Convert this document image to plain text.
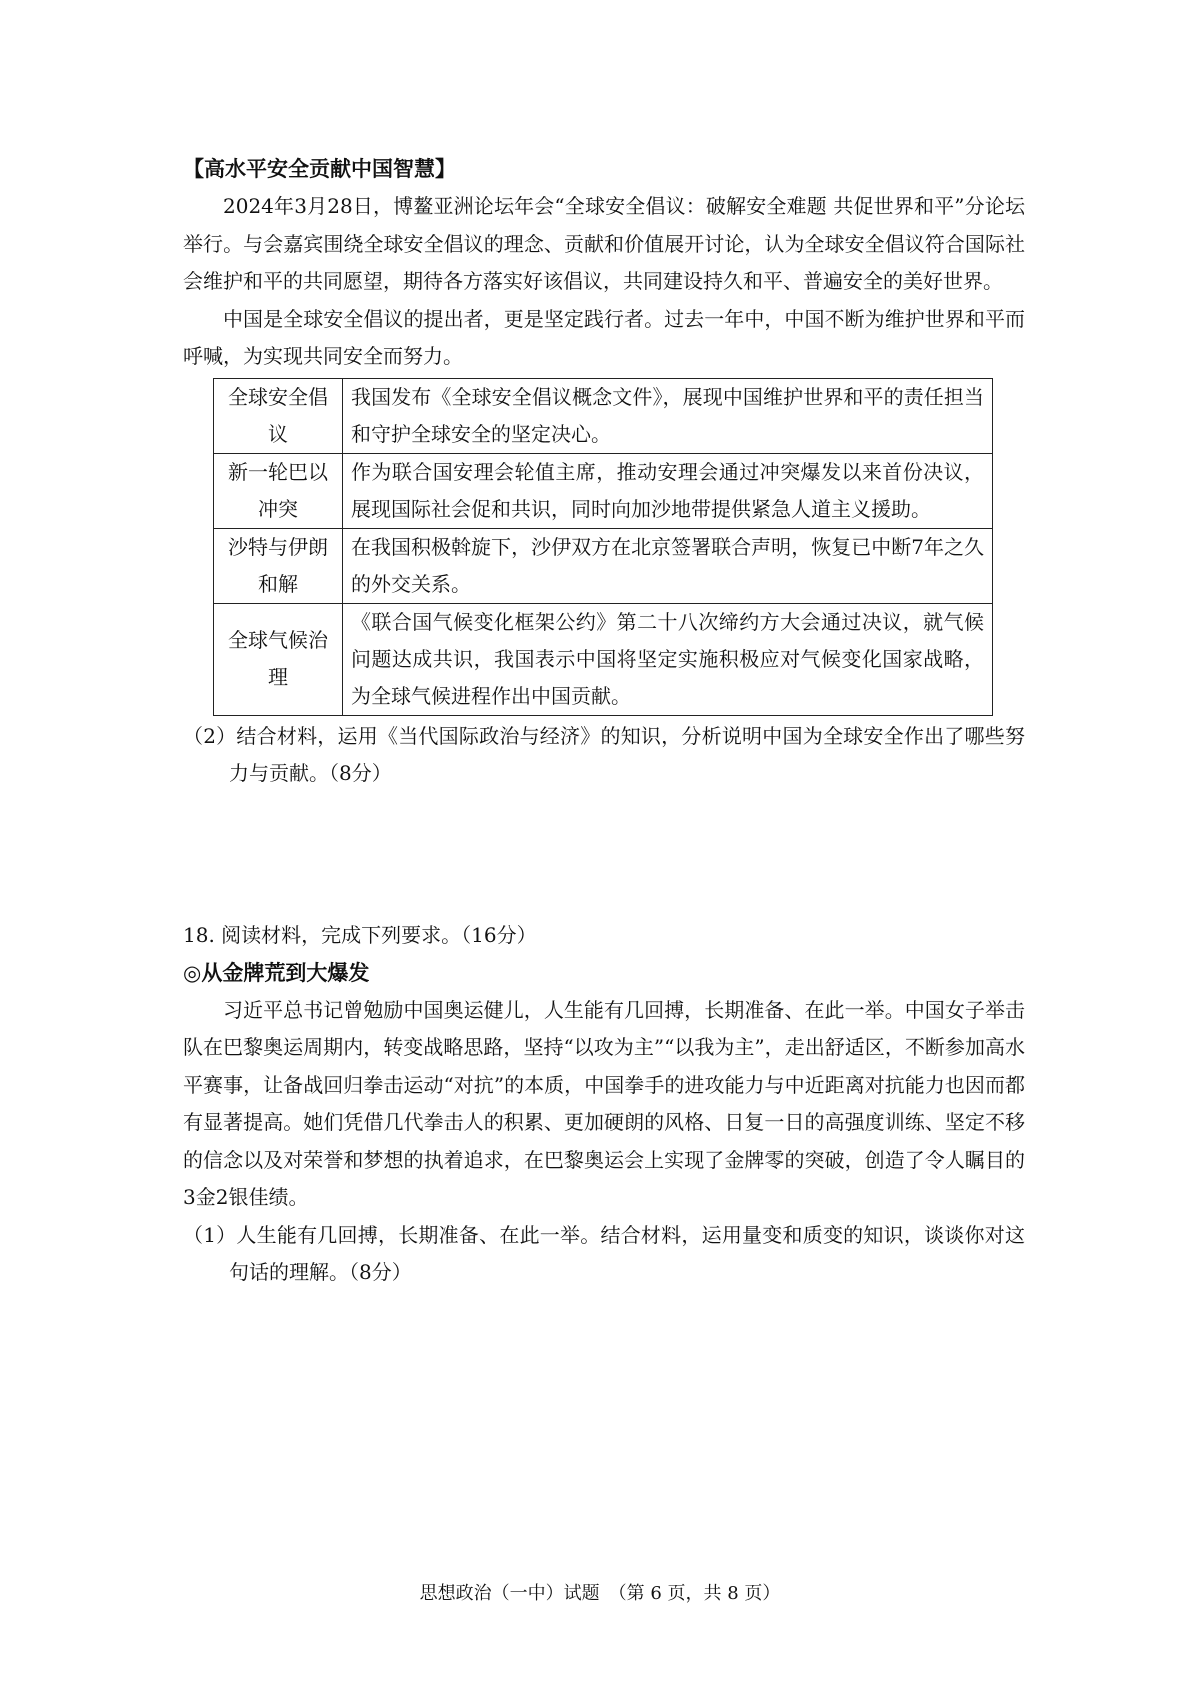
【高水平安全贡献中国智慧】

2024年3月28日，博鳌亚洲论坛年会“全球安全倡议：破解安全难题 共促世界和平”分论坛举行。与会嘉宾围绕全球安全倡议的理念、贡献和价值展开讨论，认为全球安全倡议符合国际社会维护和平的共同愿望，期待各方落实好该倡议，共同建设持久和平、普遍安全的美好世界。

中国是全球安全倡议的提出者，更是坚定践行者。过去一年中，中国不断为维护世界和平而呼喊，为实现共同安全而努力。

全球安全倡议	我国发布《全球安全倡议概念文件》，展现中国维护世界和平的责任担当和守护全球安全的坚定决心。
新一轮巴以冲突	作为联合国安理会轮值主席，推动安理会通过冲突爆发以来首份决议，展现国际社会促和共识，同时向加沙地带提供紧急人道主义援助。
沙特与伊朗和解	在我国积极斡旋下，沙伊双方在北京签署联合声明，恢复已中断7年之久的外交关系。
全球气候治理	《联合国气候变化框架公约》第二十八次缔约方大会通过决议，就气候问题达成共识，我国表示中国将坚定实施积极应对气候变化国家战略，为全球气候进程作出中国贡献。

（2）结合材料，运用《当代国际政治与经济》的知识，分析说明中国为全球安全作出了哪些努力与贡献。（8分）

18. 阅读材料，完成下列要求。（16分）

◎从金牌荒到大爆发

习近平总书记曾勉励中国奥运健儿，人生能有几回搏，长期准备、在此一举。中国女子举击队在巴黎奥运周期内，转变战略思路，坚持“以攻为主”“以我为主”，走出舒适区，不断参加高水平赛事，让备战回归拳击运动“对抗”的本质，中国拳手的进攻能力与中近距离对抗能力也因而都有显著提高。她们凭借几代拳击人的积累、更加硬朗的风格、日复一日的高强度训练、坚定不移的信念以及对荣誉和梦想的执着追求，在巴黎奥运会上实现了金牌零的突破，创造了令人瞩目的3金2银佳绩。

（1）人生能有几回搏，长期准备、在此一举。结合材料，运用量变和质变的知识，谈谈你对这句话的理解。（8分）

思想政治（一中）试题　（第 6 页，共 8 页）
